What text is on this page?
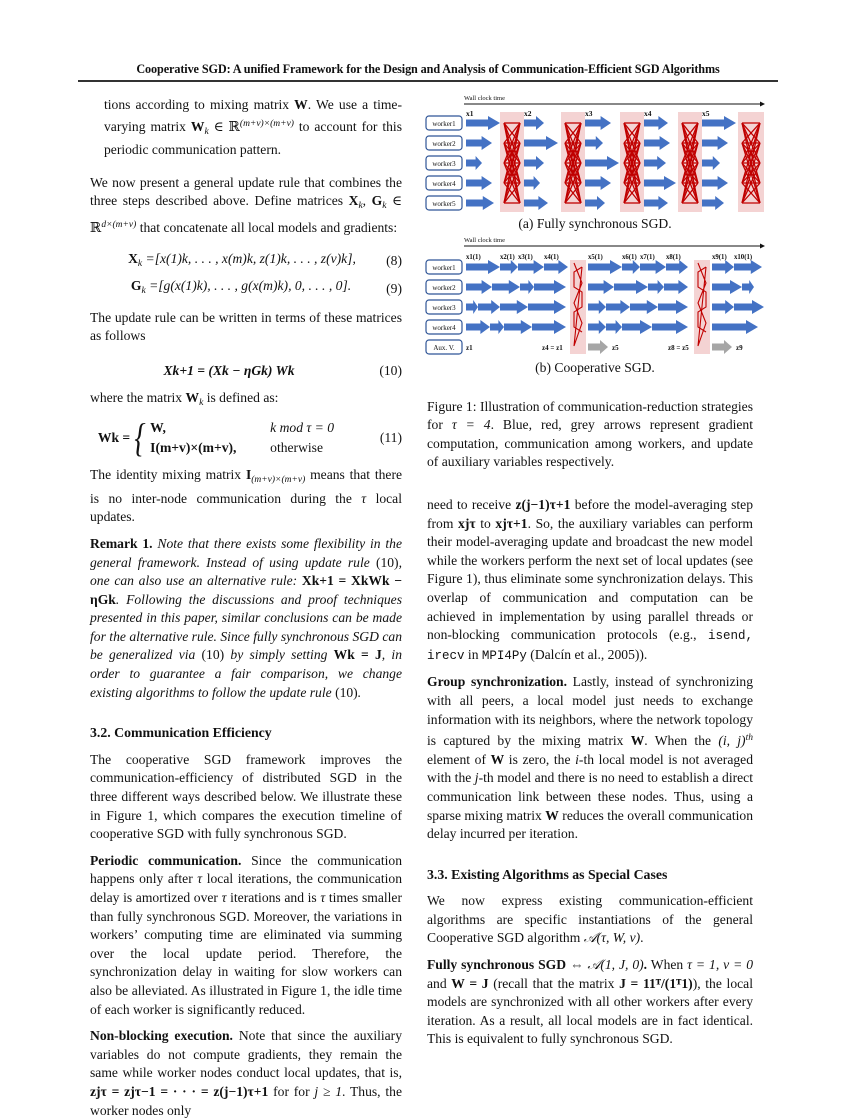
Cooperative SGD: A unified Framework for the Design and Analysis of Communication-Efficient SGD Algorithms

tions according to mixing matrix W. We use a time-varying matrix $W_k$ ∈ ℝ$^{(m+v)\times(m+v)}$ to account for this periodic communication pattern.

We now present a general update rule that combines the three steps described above. Define matrices $X_k$, $G_k$ ∈ ℝ$^{d\times(m+v)}$ that concatenate all local models and gradients:

$X_k =[x(1)k$, . . . , x(m)k, z(1)k, . . . , z(v)k],	(8)
$G_k =[g(x(1)k)$, . . . , g(x(m)k), 0, . . . , 0].	(9)

The update rule can be written in terms of these matrices as follows

Xk+1 = (Xk − ηGk) Wk	(10)

where the matrix $W_k$ is defined as:

Wk = { W,	k mod τ = 0
I(m+v)×(m+v),	otherwise
(11)

The identity mixing matrix $I_{(m+v)\times(m+v)}$ means that there is no inter-node communication during the τ local updates.

Remark 1. Note that there exists some flexibility in the general framework. Instead of using update rule (10), one can also use an alternative rule: Xk+1 = XkWk − ηGk. Following the discussions and proof techniques presented in this paper, similar conclusions can be made for the alternative rule. Since fully synchronous SGD can be generalized via (10) by simply setting Wk = J, in order to guarantee a fair comparison, we change existing algorithms to follow the update rule (10).

3.2. Communication Efficiency

The cooperative SGD framework improves the communication-efficiency of distributed SGD in the three different ways described below. We illustrate these in Figure 1, which compares the execution timeline of cooperative SGD with fully synchronous SGD.

Periodic communication. Since the communication happens only after τ local iterations, the communication delay is amortized over τ iterations and is τ times smaller than fully synchronous SGD. Moreover, the variations in workers’ computing time are eliminated via summing over the local update period. Therefore, the synchronization delay in waiting for slow workers can also be alleviated. As illustrated in Figure 1, the idle time of each worker is significantly reduced.

Non-blocking execution. Note that since the auxiliary variables do not compute gradients, they remain the same while worker nodes conduct local updates, that is, zjτ = zjτ−1 = · · · = z(j−1)τ+1 for for j ≥ 1. Thus, the worker nodes only

Wall clock time
worker1
worker2
worker3
worker4
worker5
x1	x2	x3	x4	x5
(a) Fully synchronous SGD.
Wall clock time
worker1
worker2
worker3
worker4
Aux. V.
x1(1)	x2(1) x3(1) x4(1)	x5(1)	x6(1) x7(1) x8(1)	x9(1) x10(1)
z1	z4 = z1	z5	z8 = z5	z9
(b) Cooperative SGD.
Figure 1: Illustration of communication-reduction strategies for τ = 4. Blue, red, grey arrows represent gradient computation, communication among workers, and update of auxiliary variables respectively.

need to receive z(j−1)τ+1 before the model-averaging step from xjτ to xjτ+1. So, the auxiliary variables can perform their model-averaging update and broadcast the new model while the workers perform the next set of local updates (see Figure 1), thus eliminate some synchronization delays. This overlap of communication and computation can be achieved in implementation by using parallel threads or non-blocking communication protocols (e.g., isend, irecv in MPI4Py (Dalcín et al., 2005)).

Group synchronization. Lastly, instead of synchronizing with all peers, a local model just needs to exchange information with its neighbors, where the network topology is captured by the mixing matrix W. When the (i, j)$^{th}$ element of W is zero, the i-th local model is not averaged with the j-th model and there is no need to establish a direct communication link between these nodes. Thus, using a sparse mixing matrix W reduces the overall communication delay incurred per iteration.

3.3. Existing Algorithms as Special Cases

We now express existing communication-efficient algorithms are specific instantiations of the general Cooperative SGD algorithm 𝒜(τ, W, v).

Fully synchronous SGD ⇔ 𝒜(1, J, 0). When τ = 1, v = 0 and W = J (recall that the matrix J = 11ᵀ/(1ᵀ1)), the local models are synchronized with all other workers after every iteration. As a result, all local models are in fact identical. This is equivalent to fully synchronous SGD.
